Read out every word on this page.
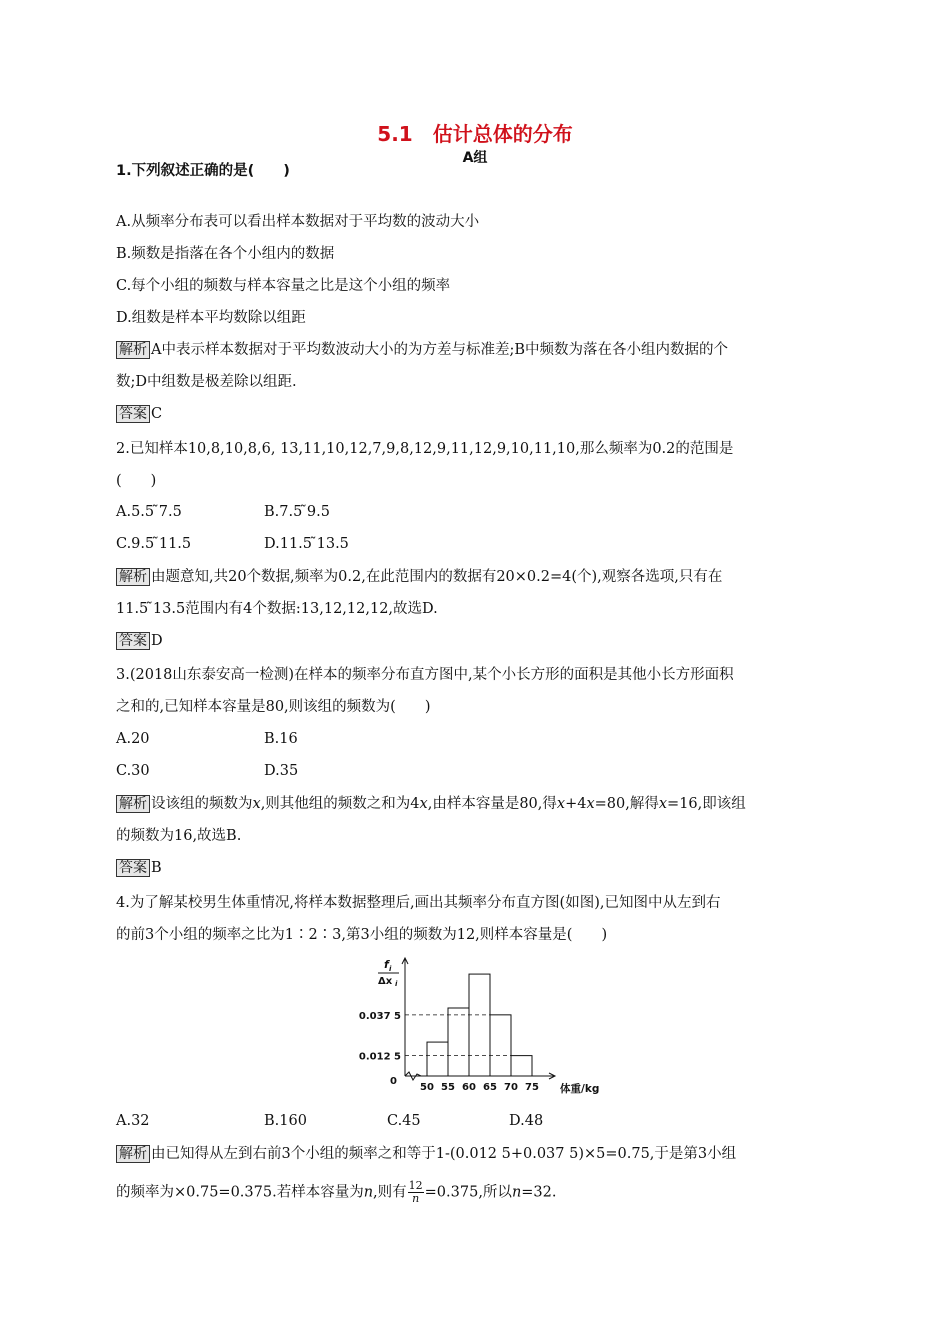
5.1　估计总体的分布
A组
1.下列叙述正确的是(　　)
A.从频率分布表可以看出样本数据对于平均数的波动大小
B.频数是指落在各个小组内的数据
C.每个小组的频数与样本容量之比是这个小组的频率
D.组数是样本平均数除以组距
解析 A中表示样本数据对于平均数波动大小的为方差与标准差;B中频数为落在各小组内数据的个
数;D中组数是极差除以组距.
答案 C
2.已知样本10,8,10,8,6, 13,11,10,12,7,9,8,12,9,11,12,9,10,11,10,那么频率为0.2的范围是
(　　)
A.5.5 ̃7.5	B.7.5 ̃9.5
C.9.5 ̃11.5	D.11.5 ̃13.5
解析 由题意知,共20个数据,频率为0.2,在此范围内的数据有20×0.2=4(个),观察各选项,只有在
11.5 ̃13.5范围内有4个数据:13,12,12,12,故选D.
答案 D
3.(2018山东泰安高一检测)在样本的频率分布直方图中,某个小长方形的面积是其他小长方形面积
之和的,已知样本容量是80,则该组的频数为(　　)
A.20	B.16
C.30	D.35
解析 设该组的频数为x,则其他组的频数之和为4x,由样本容量是80,得x+4x=80,解得x=16,即该组
的频数为16,故选B.
答案 B
4.为了解某校男生体重情况,将样本数据整理后,画出其频率分布直方图(如图),已知图中从左到右
的前3个小组的频率之比为1∶2∶3,第3小组的频数为12,则样本容量是(　　)
0.037 5
0.012 5
0
50 55 60 65 70 75 体重/kg
f i
Δx i
A.32	B.160	C.45	D.48
解析 由已知得从左到右前3个小组的频率之和等于1-(0.012 5+0.037 5)×5=0.75,于是第3小组
的频率为×0.75=0.375.若样本容量为n,则有 $\frac{12}{n} =0.375$,所以n=32.
